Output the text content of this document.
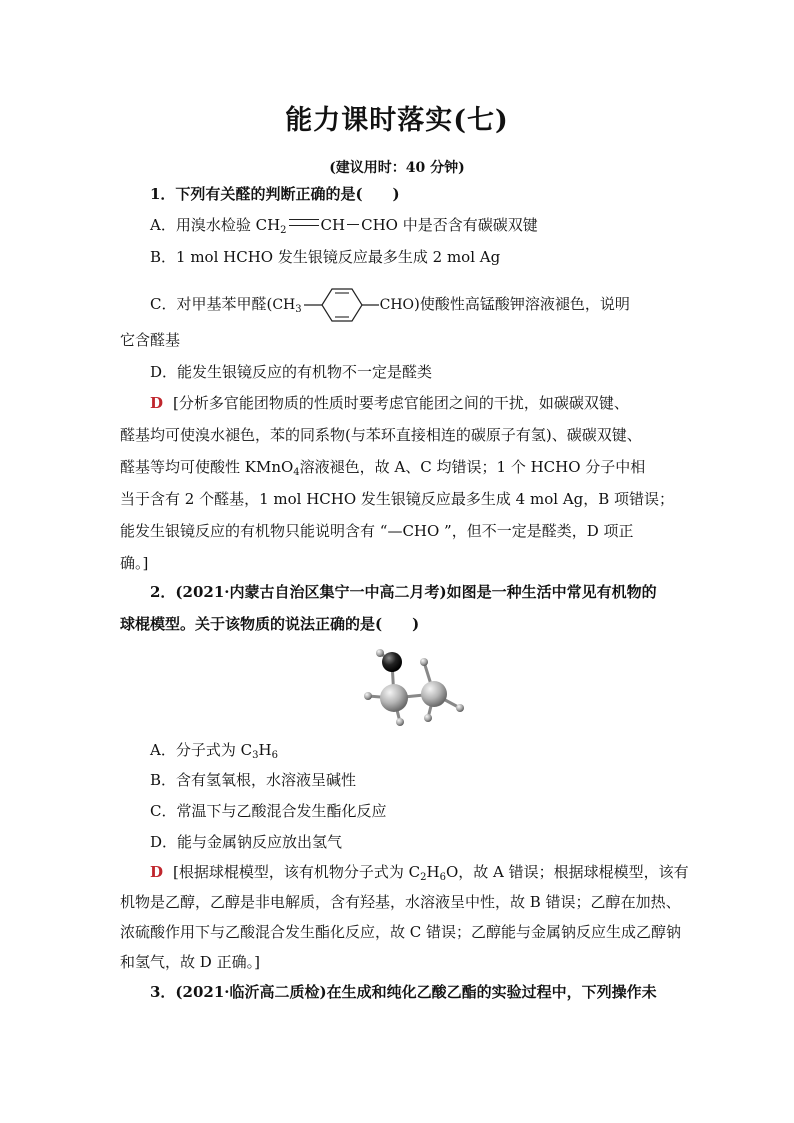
能力课时落实(七)
(建议用时：40 分钟)
1．下列有关醛的判断正确的是(　　)
A．用溴水检验 $CH_2$ CH CHO 中是否含有碳碳双键
B．1 mol HCHO 发生银镜反应最多生成 2 mol Ag
C．对甲基苯甲醛($CH_3$	CHO)使酸性高锰酸钾溶液褪色，说明
它含醛基
D．能发生银镜反应的有机物不一定是醛类
D [分析多官能团物质的性质时要考虑官能团之间的干扰，如碳碳双键、
醛基均可使溴水褪色，苯的同系物(与苯环直接相连的碳原子有氢)、碳碳双键、
醛基等均可使酸性 KMnO$_4$溶液褪色，故 A、C 均错误；1 个 HCHO 分子中相
当于含有 2 个醛基，1 mol HCHO 发生银镜反应最多生成 4 mol Ag，B 项错误；
能发生银镜反应的有机物只能说明含有 “—CHO ”，但不一定是醛类，D 项正
确。]
2．(2021·内蒙古自治区集宁一中高二月考)如图是一种生活中常见有机物的
球棍模型。关于该物质的说法正确的是(　　)
A．分子式为 $C_3H_6$
B．含有氢氧根，水溶液呈碱性
C．常温下与乙酸混合发生酯化反应
D．能与金属钠反应放出氢气
D [根据球棍模型，该有机物分子式为 $C_2H_6O$，故 A 错误；根据球棍模型，该有
机物是乙醇，乙醇是非电解质，含有羟基，水溶液呈中性，故 B 错误；乙醇在加热、
浓硫酸作用下与乙酸混合发生酯化反应，故 C 错误；乙醇能与金属钠反应生成乙醇钠
和氢气，故 D 正确。]
3．(2021·临沂高二质检)在生成和纯化乙酸乙酯的实验过程中，下列操作未
